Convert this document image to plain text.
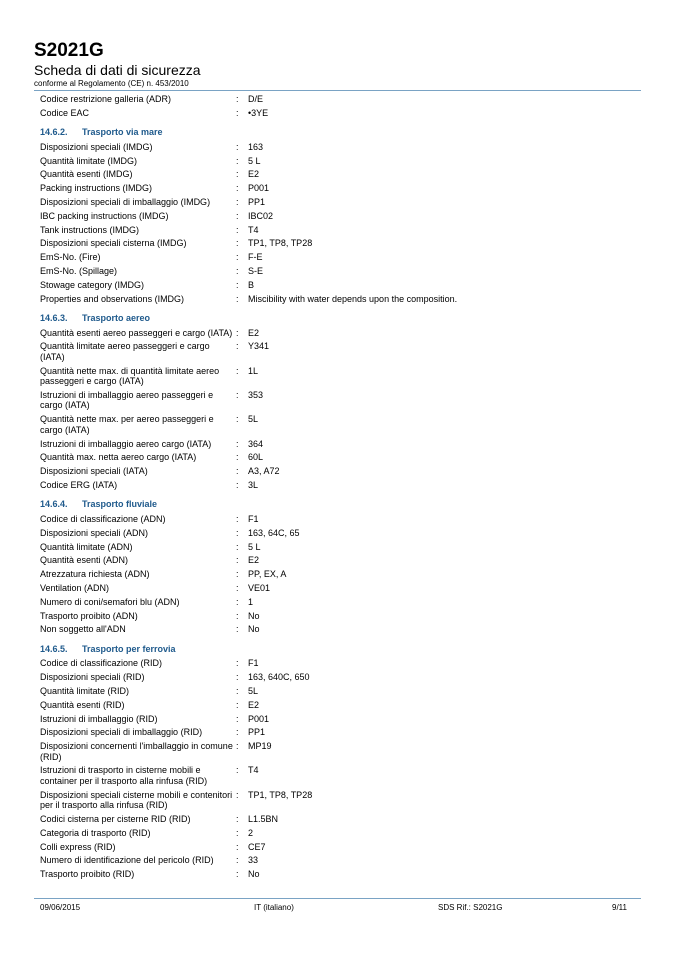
S2021G
Scheda di dati di sicurezza
conforme al Regolamento (CE) n. 453/2010
Codice restrizione galleria (ADR)	:	D/E
Codice EAC	:	•3YE
14.6.2. Trasporto via mare
Disposizioni speciali (IMDG)	:	163
Quantità limitate (IMDG)	:	5 L
Quantità esenti (IMDG)	:	E2
Packing instructions (IMDG)	:	P001
Disposizioni speciali di imballaggio (IMDG)	:	PP1
IBC packing instructions (IMDG)	:	IBC02
Tank instructions (IMDG)	:	T4
Disposizioni speciali cisterna (IMDG)	:	TP1, TP8, TP28
EmS-No. (Fire)	:	F-E
EmS-No. (Spillage)	:	S-E
Stowage category (IMDG)	:	B
Properties and observations (IMDG)	:	Miscibility with water depends upon the composition.
14.6.3. Trasporto aereo
Quantità esenti aereo passeggeri e cargo (IATA) :	E2
Quantità limitate aereo passeggeri e cargo (IATA)
:	Y341
Quantità nette max. di quantità limitate aereo passeggeri e cargo (IATA)
:	1L
Istruzioni di imballaggio aereo passeggeri e cargo (IATA)
:	353
Quantità nette max. per aereo passeggeri e cargo (IATA)
:	5L
Istruzioni di imballaggio aereo cargo (IATA)	:	364
Quantità max. netta aereo cargo (IATA)	:	60L
Disposizioni speciali (IATA)	:	A3, A72
Codice ERG (IATA)	:	3L
14.6.4. Trasporto fluviale
Codice di classificazione (ADN)	:	F1
Disposizioni speciali (ADN)	:	163, 64C, 65
Quantità limitate (ADN)	:	5 L
Quantità esenti (ADN)	:	E2
Atrezzatura richiesta (ADN)	:	PP, EX, A
Ventilation (ADN)	:	VE01
Numero di coni/semafori blu (ADN)	:	1
Trasporto proibito (ADN)	:	No
Non soggetto all'ADN	:	No
14.6.5. Trasporto per ferrovia
Codice di classificazione (RID)	:	F1
Disposizioni speciali (RID)	:	163, 640C, 650
Quantità limitate (RID)	:	5L
Quantità esenti (RID)	:	E2
Istruzioni di imballaggio (RID)	:	P001
Disposizioni speciali di imballaggio (RID)	:	PP1
Disposizioni concernenti l'imballaggio in comune (RID)
:	MP19
Istruzioni di trasporto in cisterne mobili e container per il trasporto alla rinfusa (RID)
:	T4
Disposizioni speciali cisterne mobili e contenitori per il trasporto alla rinfusa (RID)
:	TP1, TP8, TP28
Codici cisterna per cisterne RID (RID)	:	L1.5BN
Categoria di trasporto (RID)	:	2
Colli express (RID)	:	CE7
Numero di identificazione del pericolo (RID)	:	33
Trasporto proibito (RID)	:	No
09/06/2015	IT (italiano)	SDS Rif.: S2021G	9/11
